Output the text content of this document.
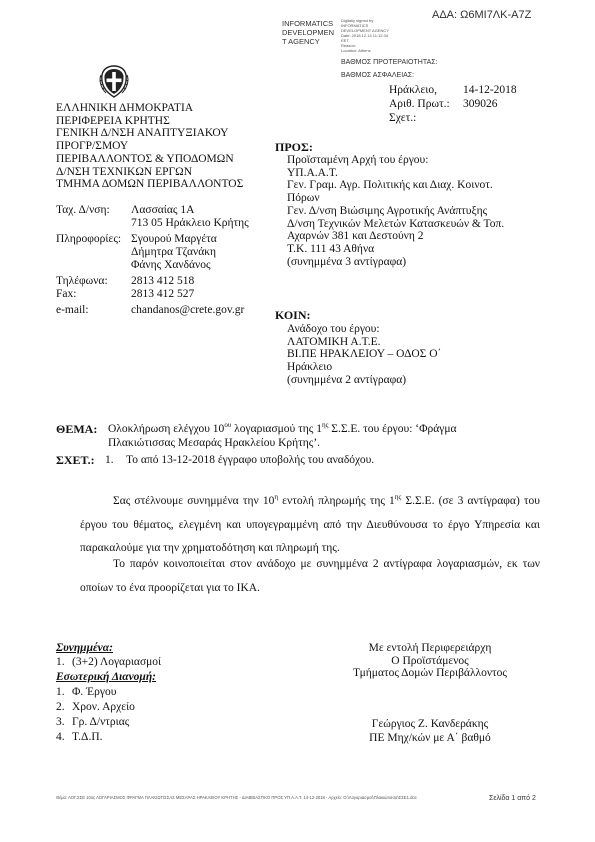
ΑΔΑ: Ω6ΜΙ7ΛΚ-Α7Ζ
INFORMATICS
DEVELOPMEN
T AGENCY
Digitally signed by
INFORMATICS
DEVELOPMENT AGENCY
Date: 2018.12.14 11:12:34
EET
Reason:
Location: Athens
ΒΑΘΜΟΣ ΠΡΟΤΕΡΑΙΟΤΗΤΑΣ:
ΒΑΘΜΟΣ ΑΣΦΑΛΕΙΑΣ:
Ηράκλειο, 14-12-2018
Αριθ. Πρωτ.: 309026
Σχετ.:
ΕΛΛΗΝΙΚΗ ΔΗΜΟΚΡΑΤΙΑ
ΠΕΡΙΦΕΡΕΙΑ ΚΡΗΤΗΣ
ΓΕΝΙΚΗ Δ/ΝΣΗ ΑΝΑΠΤΥΞΙΑΚΟΥ
ΠΡΟΓΡ/ΣΜΟΥ
ΠΕΡΙΒΑΛΛΟΝΤΟΣ & ΥΠΟΔΟΜΩΝ
Δ/ΝΣΗ ΤΕΧΝΙΚΩΝ ΕΡΓΩΝ
ΤΜΗΜΑ ΔΟΜΩΝ ΠΕΡΙΒΑΛΛΟΝΤΟΣ
Ταχ. Δ/νση:	Λασσαίας 1Α
713 05 Ηράκλειο Κρήτης
Πληροφορίες: Σγουρού Μαργέτα
Δήμητρα Τζανάκη
Φάνης Χανδάνος
Τηλέφωνα:	2813 412 518
Fax:	2813 412 527
e-mail:	chandanos@crete.gov.gr
ΠΡΟΣ:
Προϊσταμένη Αρχή του έργου:
ΥΠ.Α.Α.Τ.
Γεν. Γραμ. Αγρ. Πολιτικής και Διαχ. Κοινοτ.
Πόρων
Γεν. Δ/νση Βιώσιμης Αγροτικής Ανάπτυξης
Δ/νση Τεχνικών Μελετών Κατασκευών & Τοπ.
Αχαρνών 381 και Δεστούνη 2
Τ.Κ. 111 43 Αθήνα
(συνημμένα 3 αντίγραφα)
ΚΟΙΝ:
Ανάδοχο του έργου:
ΛΑΤΟΜΙΚΗ Α.Τ.Ε.
ΒΙ.ΠΕ ΗΡΑΚΛΕΙΟΥ – ΟΔΟΣ Ο΄
Ηράκλειο
(συνημμένα 2 αντίγραφα)
ΘΕΜΑ: Ολοκλήρωση ελέγχου $10^{o\upsilon}$ λογαριασμού της $1^{\eta\varsigma}$ Σ.Σ.Ε. του έργου: ‘Φράγμα
Πλακιώτισσας Μεσαράς Ηρακλείου Κρήτης’.
ΣΧΕΤ.: 1. Το από 13-12-2018 έγγραφο υποβολής του αναδόχου.
Σας στέλνουμε συνημμένα την $10^\eta$ εντολή πληρωμής της $1^{\eta\varsigma}$ Σ.Σ.Ε. (σε 3 αντίγραφα) του έργου του θέματος, ελεγμένη και υπογεγραμμένη από την Διευθύνουσα το έργο Υπηρεσία και παρακαλούμε για την χρηματοδότηση και πληρωμή της.
Το παρόν κοινοποιείται στον ανάδοχο με συνημμένα 2 αντίγραφα λογαριασμών, εκ των οποίων το ένα προορίζεται για το ΙΚΑ.
Συνημμένα:
1. (3+2) Λογαριασμοί
Εσωτερική Διανομή:
1. Φ. Έργου
2. Χρον. Αρχείο
3. Γρ. Δ/ντριας
4. Τ.Δ.Π.
Με εντολή Περιφερειάρχη
Ο Προϊστάμενος
Τμήματος Δομών Περιβάλλοντος
Γεώργιος Ζ. Κανδεράκης
ΠΕ Μηχ/κών με Α΄ βαθμό
Θέμα: ΛΟΓ.ΣΣΕ 10ος ΛΟΓΑΡΙΑΣΜΟΣ ΦΡΑΓΜΑ ΠΛΑΚΙΩΤΙΣΣΑΣ ΜΕΣΑΡΑΣ ΗΡΑΚΛΕΙΟΥ ΚΡΗΤΗΣ - ΔΙΑΒΙΒΑΣΤΙΚΟ ΠΡΟΣ ΥΠ.Α.Α.Τ. 14-12-2018 - Αρχείο: Ο:\Λογαριασμοί\Πλακιώτισσα\ΣΣΕ1.doc	Σελίδα 1 από 2
